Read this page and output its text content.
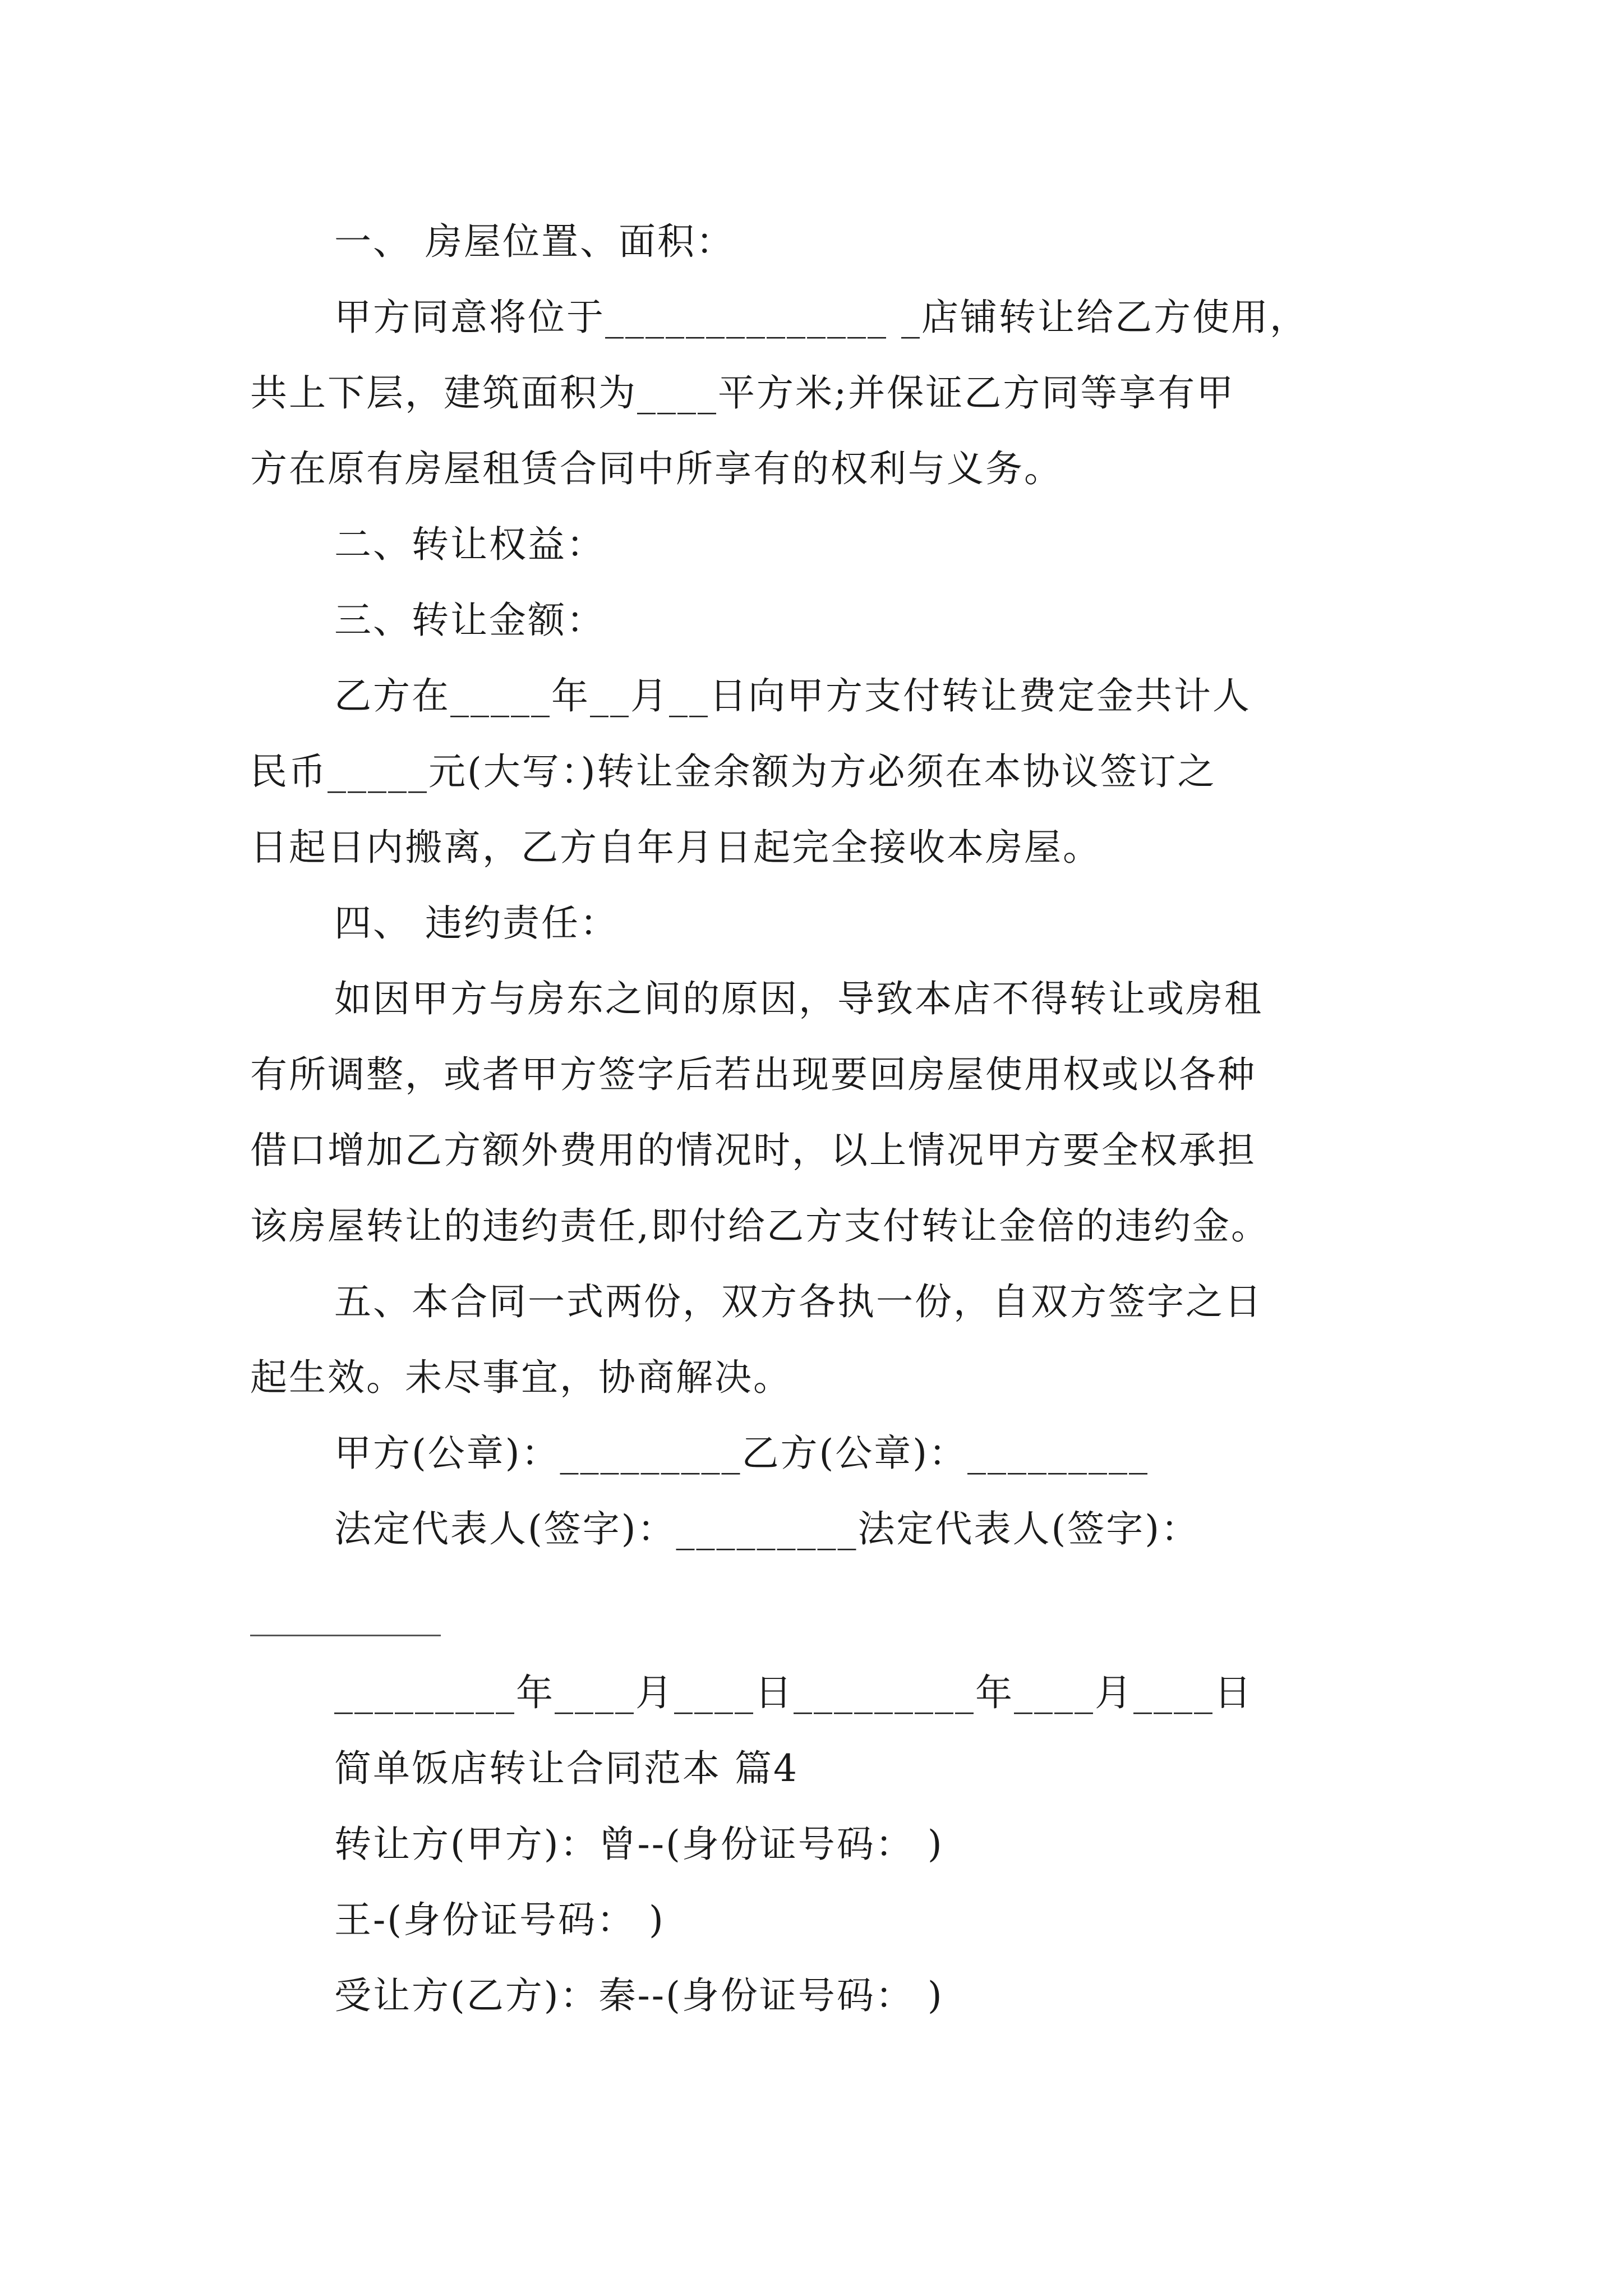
一、 房屋位置、面积：
甲方同意将位于______________ _店铺转让给乙方使用，
共上下层，建筑面积为____平方米;并保证乙方同等享有甲
方在原有房屋租赁合同中所享有的权利与义务。
二、转让权益：
三、转让金额：
乙方在_____年__月__日向甲方支付转让费定金共计人
民币_____元(大写：)转让金余额为方必须在本协议签订之
日起日内搬离，乙方自年月日起完全接收本房屋。
四、 违约责任：
如因甲方与房东之间的原因，导致本店不得转让或房租
有所调整，或者甲方签字后若出现要回房屋使用权或以各种
借口增加乙方额外费用的情况时，以上情况甲方要全权承担
该房屋转让的违约责任,即付给乙方支付转让金倍的违约金。
五、本合同一式两份，双方各执一份，自双方签字之日
起生效。未尽事宜，协商解决。
甲方(公章)：_________乙方(公章)：_________
法定代表人(签字)：_________法定代表人(签字)：
_________年____月____日_________年____月____日
简单饭店转让合同范本 篇4
转让方(甲方)：曾--(身份证号码： )
王-(身份证号码： )
受让方(乙方)：秦--(身份证号码： )
